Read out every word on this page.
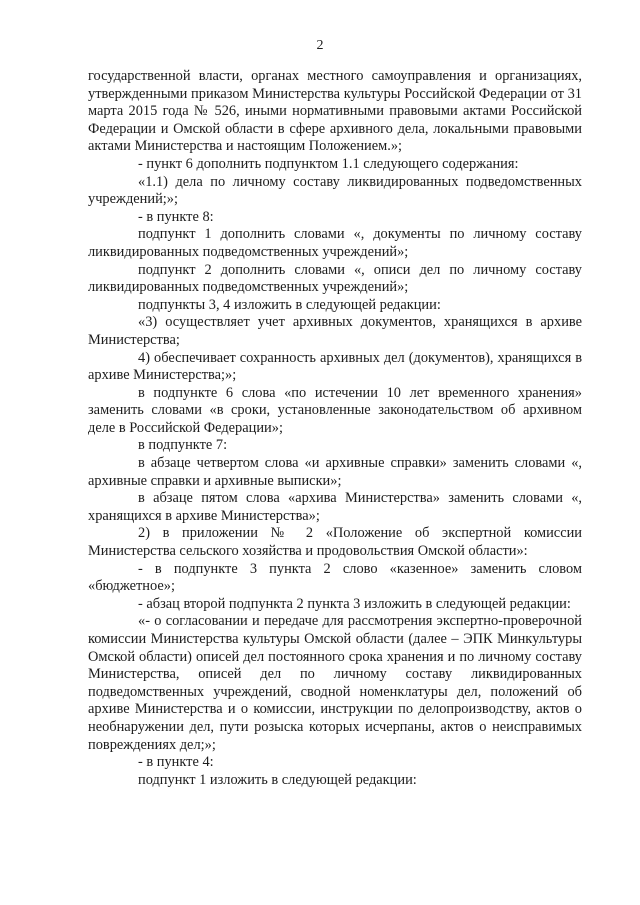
2

государственной власти, органах местного самоуправления и организациях, утвержденными приказом Министерства культуры Российской Федерации от 31 марта 2015 года № 526, иными нормативными правовыми актами Российской Федерации и Омской области в сфере архивного дела, локальными правовыми актами Министерства и настоящим Положением.»;

- пункт 6 дополнить подпунктом 1.1 следующего содержания:

«1.1) дела по личному составу ликвидированных подведомственных учреждений;»;

- в пункте 8:

подпункт 1 дополнить словами «, документы по личному составу ликвидированных подведомственных учреждений»;

подпункт 2 дополнить словами «, описи дел по личному составу ликвидированных подведомственных учреждений»;

подпункты 3, 4 изложить в следующей редакции:

«3) осуществляет учет архивных документов, хранящихся в архиве Министерства;

4) обеспечивает сохранность архивных дел (документов), хранящихся в архиве Министерства;»;

в подпункте 6 слова «по истечении 10 лет временного хранения» заменить словами «в сроки, установленные законодательством об архивном деле в Российской Федерации»;

в подпункте 7:

в абзаце четвертом слова «и архивные справки» заменить словами «, архивные справки и архивные выписки»;

в абзаце пятом слова «архива Министерства» заменить словами «, хранящихся в архиве Министерства»;

2) в приложении № 2 «Положение об экспертной комиссии Министерства сельского хозяйства и продовольствия Омской области»:

- в подпункте 3 пункта 2 слово «казенное» заменить словом «бюджетное»;

- абзац второй подпункта 2 пункта 3 изложить в следующей редакции:

«- о согласовании и передаче для рассмотрения экспертно-проверочной комиссии Министерства культуры Омской области (далее – ЭПК Минкультуры Омской области) описей дел постоянного срока хранения и по личному составу Министерства, описей дел по личному составу ликвидированных подведомственных учреждений, сводной номенклатуры дел, положений об архиве Министерства и о комиссии, инструкции по делопроизводству, актов о необнаружении дел, пути розыска которых исчерпаны, актов о неисправимых повреждениях дел;»;

- в пункте 4:

подпункт 1 изложить в следующей редакции:
